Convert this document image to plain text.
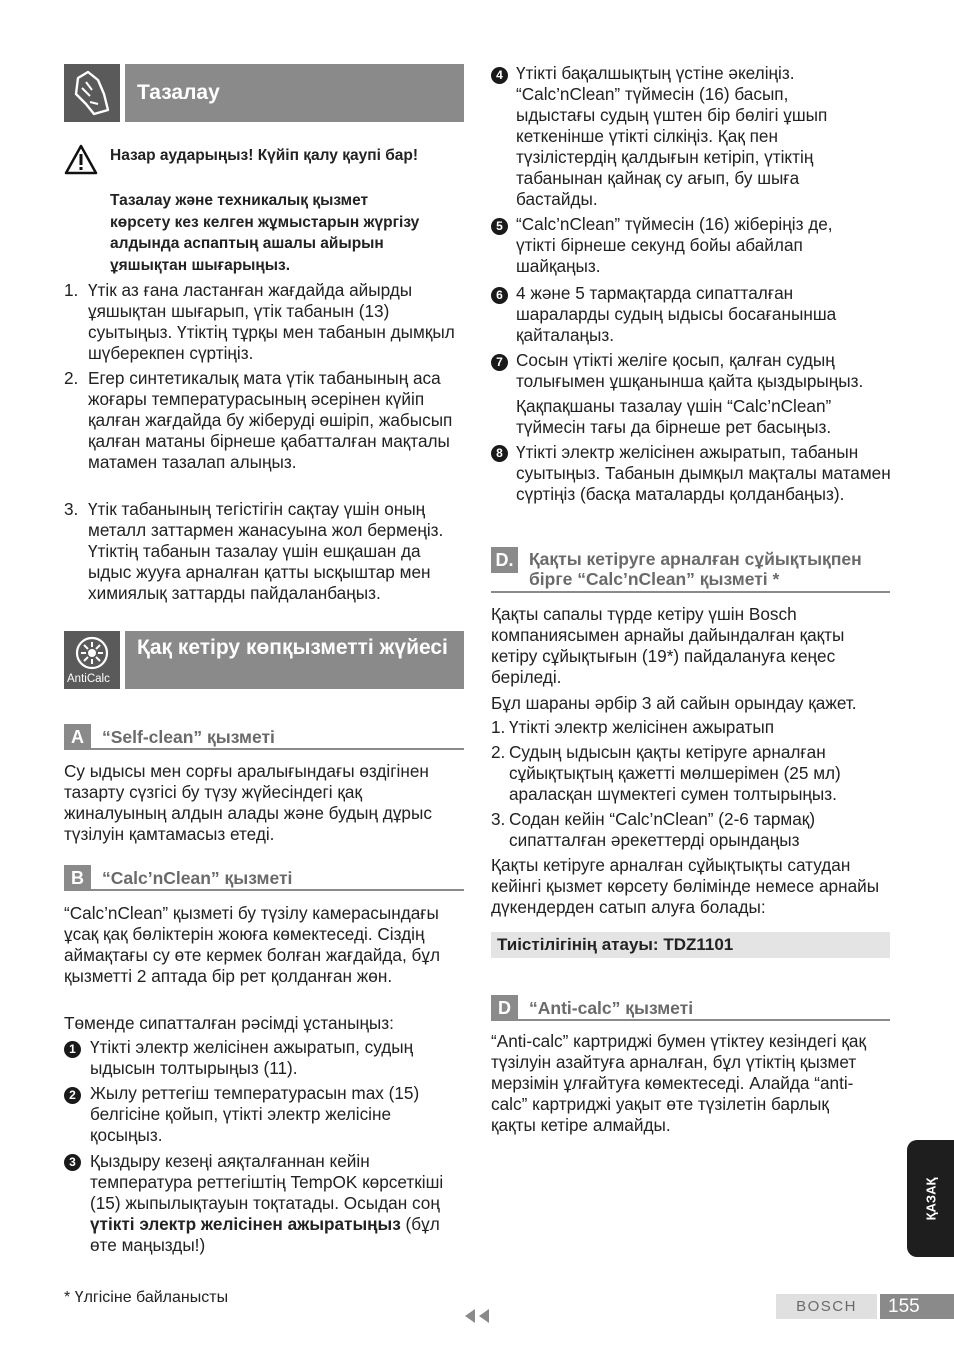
Тазалау
Назар аударыңыз! Күйіп қалу қаупі бар!
Тазалау және техникалық қызмет көрсету кез келген жұмыстарын жүргізу алдында аспаптың ашалы айырын ұяшықтан шығарыңыз.
1. Үтік аз ғана ластанған жағдайда айырды ұяшықтан шығарып, үтік табанын (13) суытыңыз. Үтіктің тұрқы мен табанын дымқыл шүберекпен сүртіңіз.
2. Егер синтетикалық мата үтік табанының аса жоғары температурасының әсерінен күйіп қалған жағдайда бу жіберуді өшіріп, жабысып қалған матаны бірнеше қабатталған мақталы матамен тазалап алыңыз.
3. Үтік табанының тегістігін сақтау үшін оның металл заттармен жанасуына жол бермеңіз. Үтіктің табанын тазалау үшін ешқашан да ыдыс жууға арналған қатты ысқыштар мен химиялық заттарды пайдаланбаңыз.
AntiCalc
Қақ кетіру көпқызметті жүйесі
A	“Self-clean” қызметі
Су ыдысы мен сорғы аралығындағы өздігінен тазарту сүзгісі бу түзу жүйесіндегі қақ жиналуының алдын алады және будың дұрыс түзілуін қамтамасыз етеді.
B	“Calc’nClean” қызметі
“Calc’nClean” қызметі бу түзілу камерасындағы ұсақ қақ бөліктерін жоюға көмектеседі. Сіздің аймақтағы су өте кермек болған жағдайда, бұл қызметті 2 аптада бір рет қолданған жөн.
Төменде сипатталған рәсімді ұстаныңыз:
1 Үтікті электр желісінен ажыратып, судың ыдысын толтырыңыз (11).
2 Жылу реттегіш температурасын max (15) белгісіне қойып, үтікті электр желісіне қосыңыз.
3 Қыздыру кезеңі аяқталғаннан кейін температура реттегіштің TempOK көрсеткіші (15) жыпылықтауын тоқтатады. Осыдан соң үтікті электр желісінен ажыратыңыз (бұл өте маңызды!)
* Үлгісіне байланысты
4 Үтікті бақалшықтың үстіне әкеліңіз. “Calc’nClean” түймесін (16) басып, ыдыстағы судың үштен бір бөлігі ұшып кеткенінше үтікті сілкіңіз. Қақ пен түзілістердің қалдығын кетіріп, үтіктің табанынан қайнақ су ағып, бу шыға бастайды.
5 “Calc’nClean” түймесін (16) жіберіңіз де, үтікті бірнеше секунд бойы абайлап шайқаңыз.
6 4 және 5 тармақтарда сипатталған шараларды судың ыдысы босағанынша қайталаңыз.
7 Сосын үтікті желіге қосып, қалған судың толығымен ұшқанынша қайта қыздырыңыз.
Қақпақшаны тазалау үшін “Calc’nClean” түймесін тағы да бірнеше рет басыңыз.
8 Үтікті электр желісінен ажыратып, табанын суытыңыз. Табанын дымқыл мақталы матамен сүртіңіз (басқа маталарды қолданбаңыз).
D. Қақты кетіруге арналған сұйықтықпен бірге “Calc’nClean” қызметі *
Қақты сапалы түрде кетіру үшін Bosch компаниясымен арнайы дайындалған қақты кетіру сұйықтығын (19*) пайдалануға кеңес беріледі.
Бұл шараны әрбір 3 ай сайын орындау қажет.
1. Үтікті электр желісінен ажыратып
2. Судың ыдысын қақты кетіруге арналған сұйықтықтың қажетті мөлшерімен (25 мл) араласқан шүмектегі сумен толтырыңыз.
3. Содан кейін “Calc’nClean” (2-6 тармақ) сипатталған әрекеттерді орындаңыз
Қақты кетіруге арналған сұйықтықты сатудан кейінгі қызмет көрсету бөлімінде немесе арнайы дүкендерден сатып алуға болады:
Тиістілігінің атауы: TDZ1101
D	“Anti-calc” қызметі
“Anti-calc” картриджі бумен үтіктеу кезіндегі қақ түзілуін азайтуға арналған, бұл үтіктің қызмет мерзімін ұлғайтуға көмектеседі. Алайда “anti-calc” картриджі уақыт өте түзілетін барлық қақты кетіре алмайды.
ҚАЗАҚ
BOSCH	155
